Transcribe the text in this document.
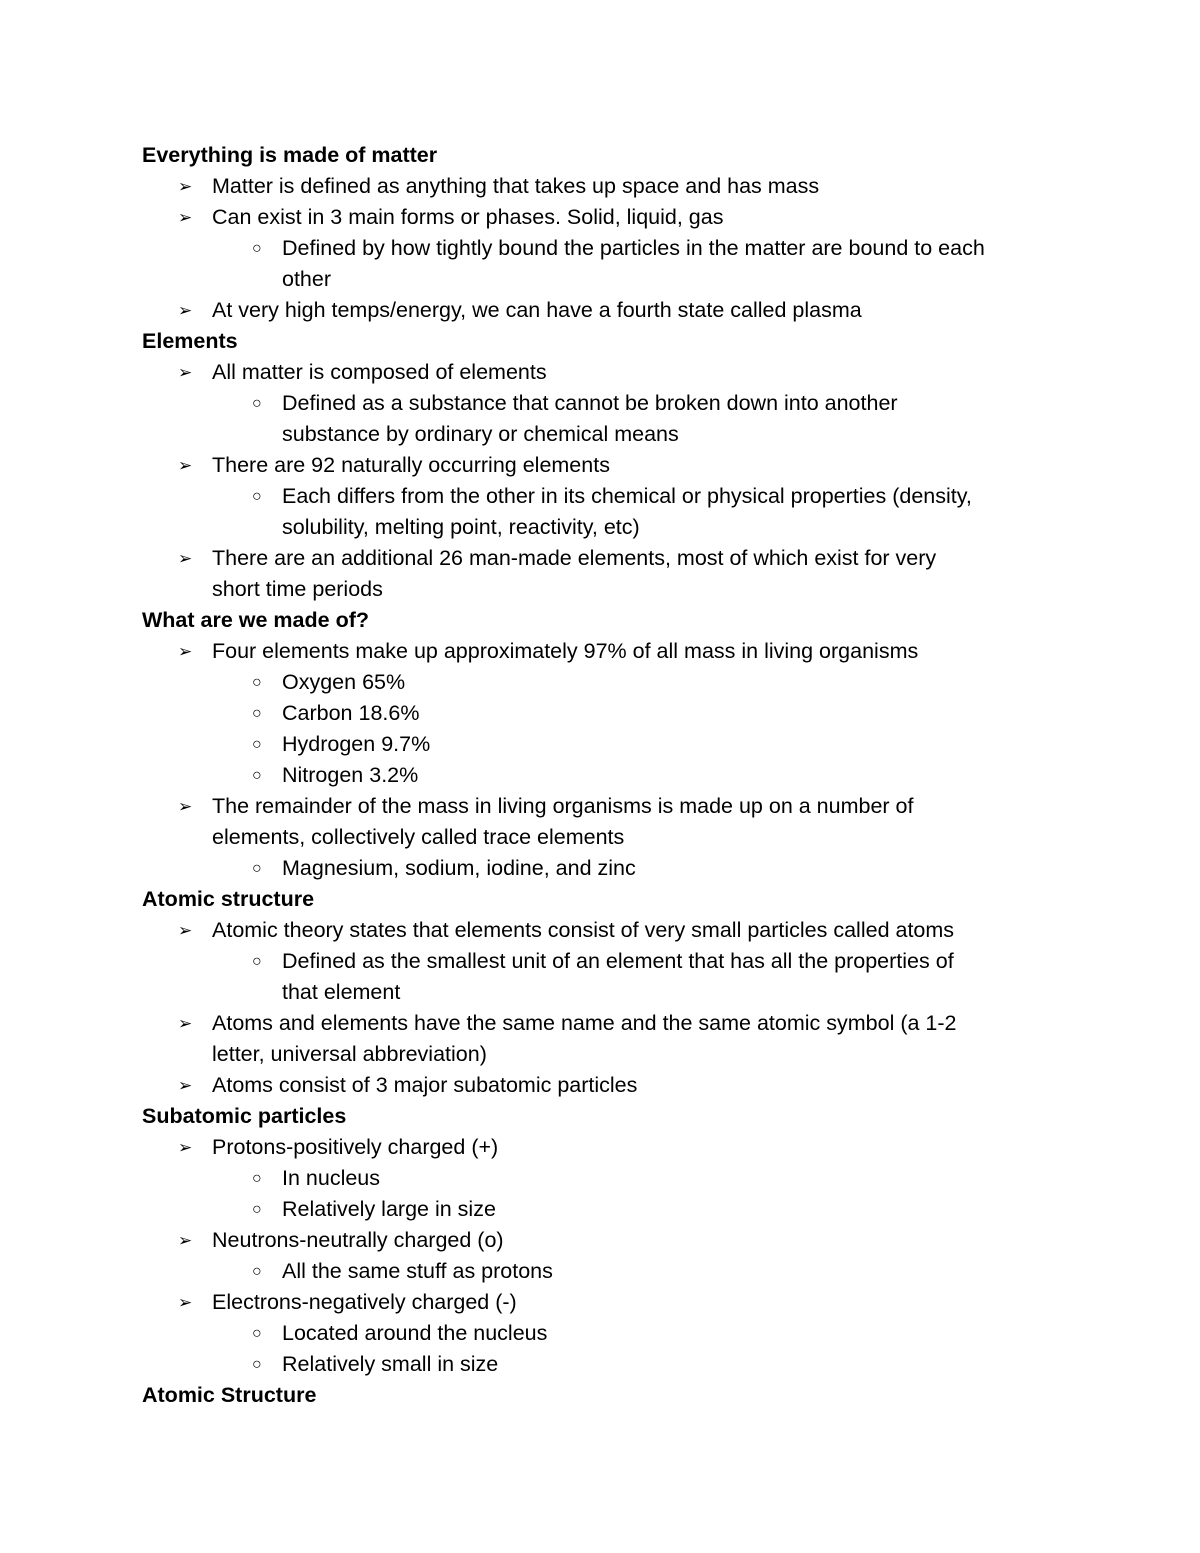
Everything is made of matter
➢ Matter is defined as anything that takes up space and has mass
➢ Can exist in 3 main forms or phases. Solid, liquid, gas
○ Defined by how tightly bound the particles in the matter are bound to each
other
➢ At very high temps/energy, we can have a fourth state called plasma
Elements
➢ All matter is composed of elements
○ Defined as a substance that cannot be broken down into another
substance by ordinary or chemical means
➢ There are 92 naturally occurring elements
○ Each differs from the other in its chemical or physical properties (density,
solubility, melting point, reactivity, etc)
➢ There are an additional 26 man-made elements, most of which exist for very
short time periods
What are we made of?
➢ Four elements make up approximately 97% of all mass in living organisms
○ Oxygen 65%
○ Carbon 18.6%
○ Hydrogen 9.7%
○ Nitrogen 3.2%
➢ The remainder of the mass in living organisms is made up on a number of
elements, collectively called trace elements
○ Magnesium, sodium, iodine, and zinc
Atomic structure
➢ Atomic theory states that elements consist of very small particles called atoms
○ Defined as the smallest unit of an element that has all the properties of
that element
➢ Atoms and elements have the same name and the same atomic symbol (a 1-2
letter, universal abbreviation)
➢ Atoms consist of 3 major subatomic particles
Subatomic particles
➢ Protons-positively charged (+)
○ In nucleus
○ Relatively large in size
➢ Neutrons-neutrally charged (o)
○ All the same stuff as protons
➢ Electrons-negatively charged (-)
○ Located around the nucleus
○ Relatively small in size
Atomic Structure
